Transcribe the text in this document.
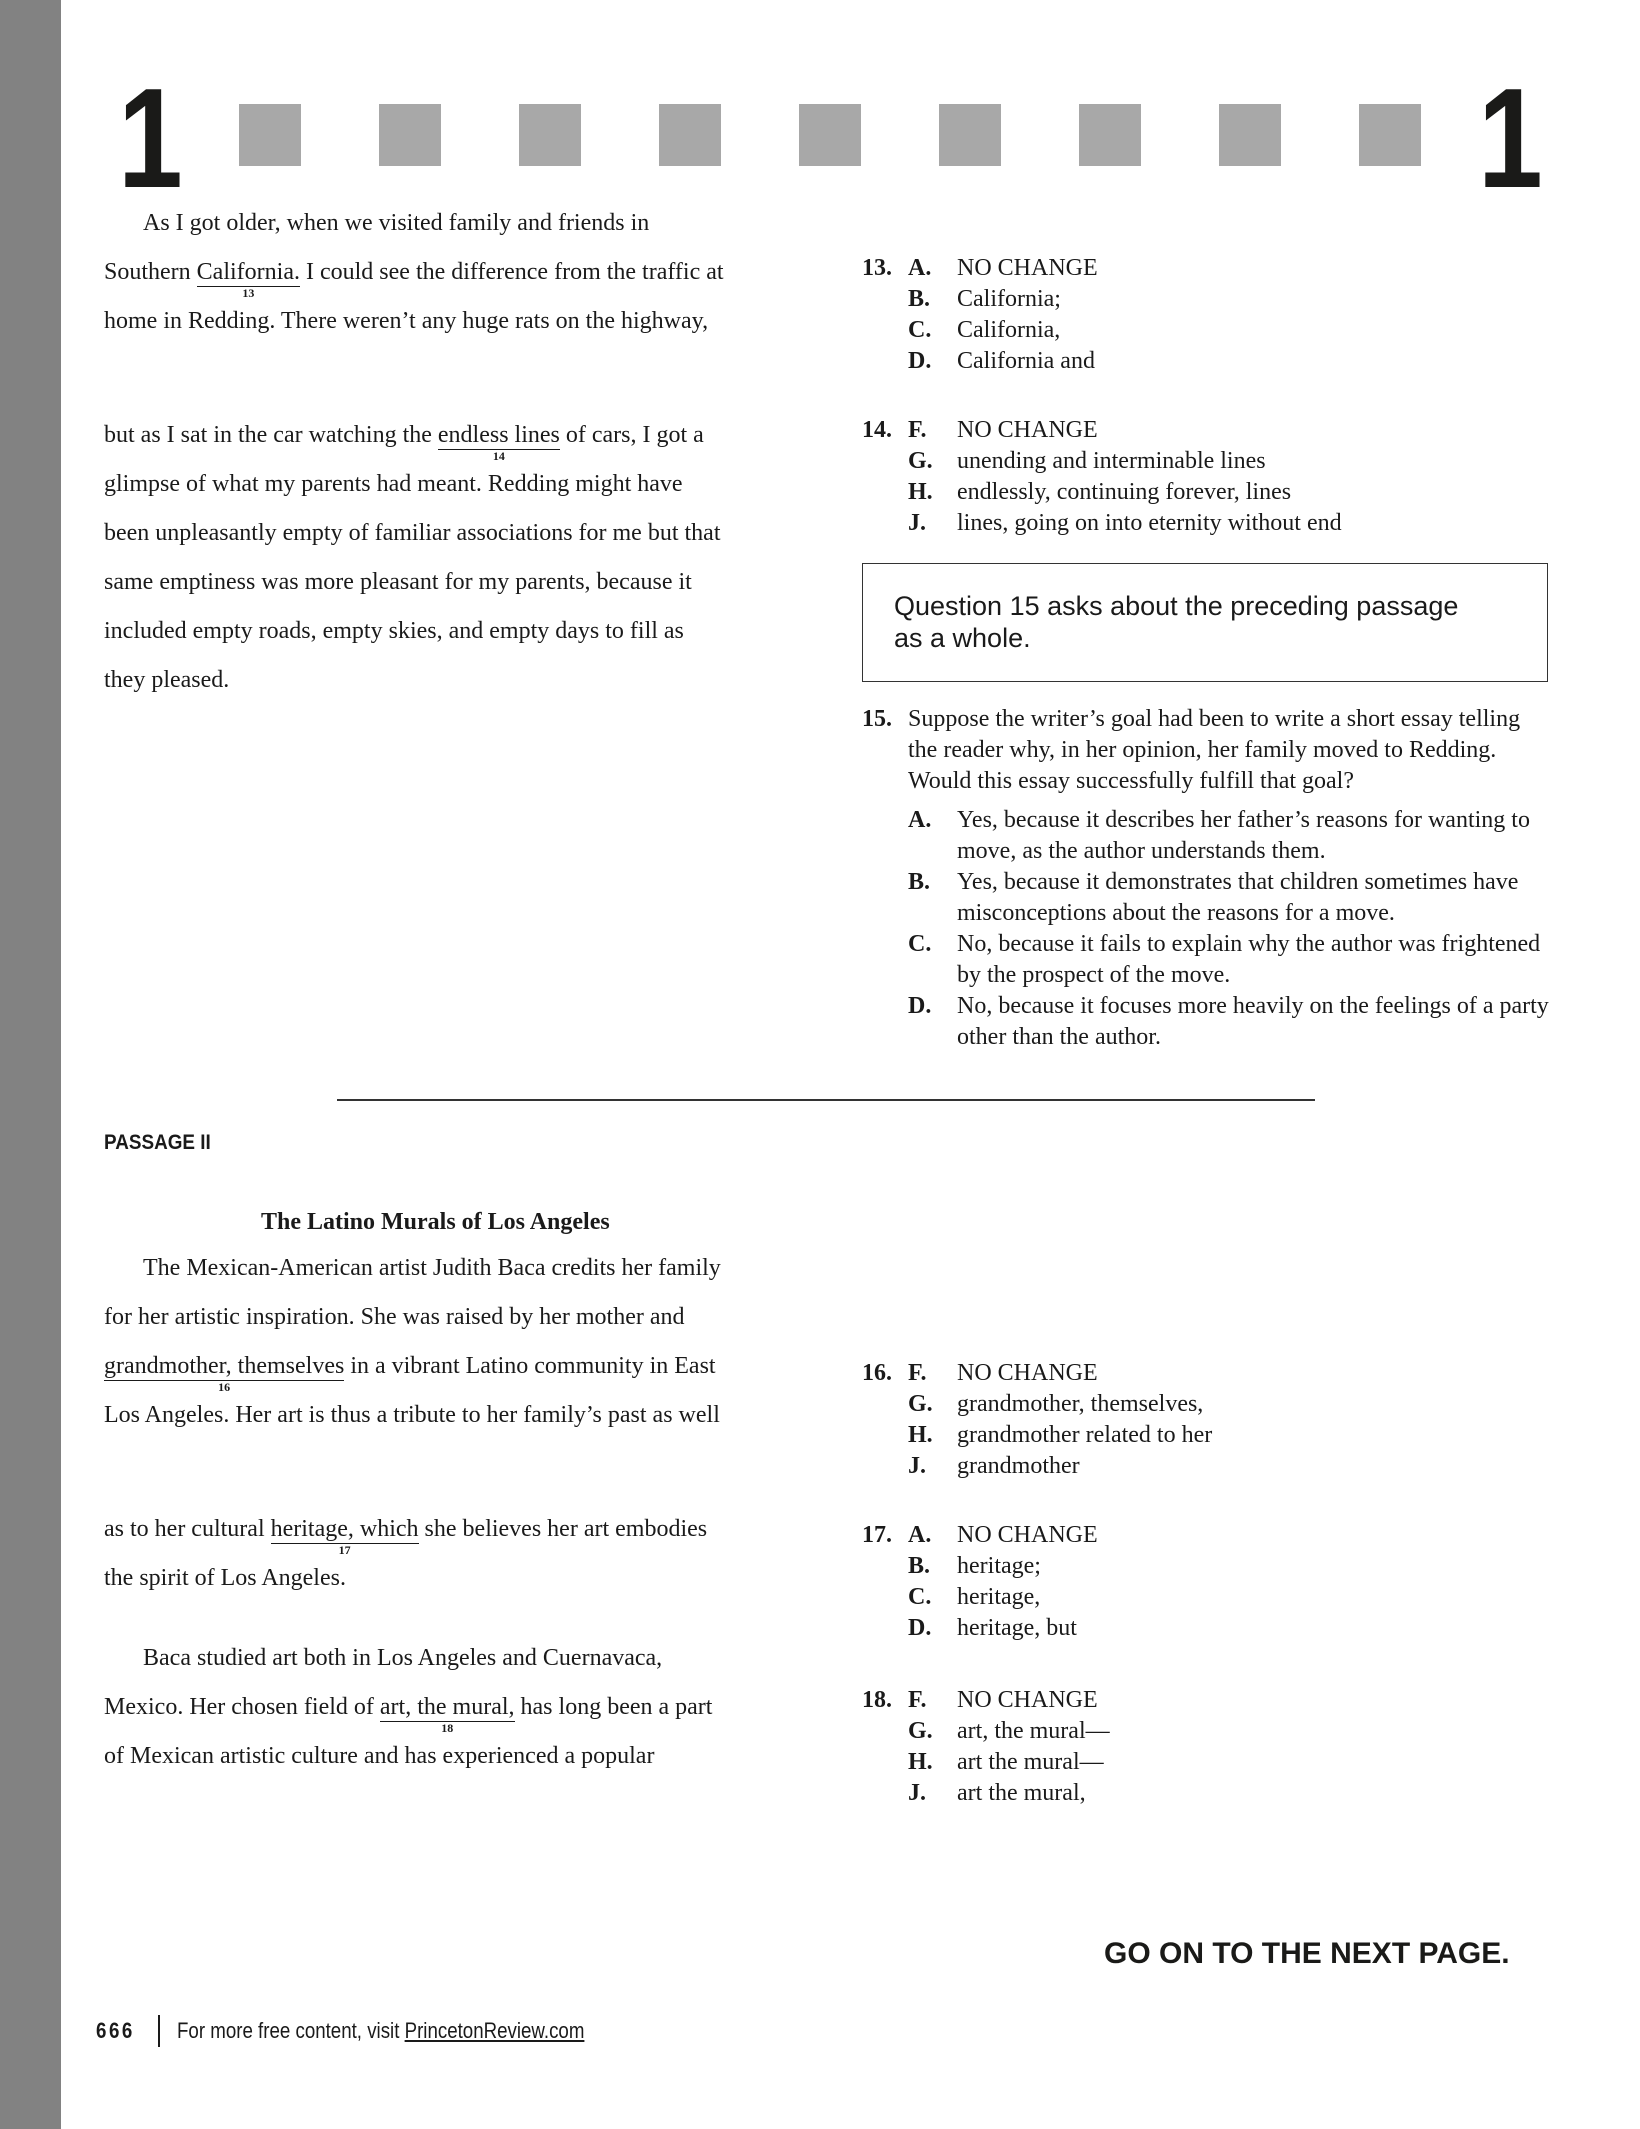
1	1
As I got older, when we visited family and friends in
Southern California.
13
I could see the difference from the traffic at
home in Redding. There weren’t any huge rats on the highway,
but as I sat in the car watching the endless lines
14
of cars, I got a
glimpse of what my parents had meant. Redding might have
been unpleasantly empty of familiar associations for me but that
same emptiness was more pleasant for my parents, because it
included empty roads, empty skies, and empty days to fill as
they pleased.
13. A. NO CHANGE
B. California;
C. California,
D. California and
14. F. NO CHANGE
G. unending and interminable lines
H. endlessly, continuing forever, lines
J. lines, going on into eternity without end
Question 15 asks about the preceding passage
as a whole.
15. Suppose the writer’s goal had been to write a short essay telling the reader why, in her opinion, her family moved to Redding. Would this essay successfully fulfill that goal?
A. Yes, because it describes her father’s reasons for wanting to move, as the author understands them.
B. Yes, because it demonstrates that children sometimes have misconceptions about the reasons for a move.
C. No, because it fails to explain why the author was frightened by the prospect of the move.
D. No, because it focuses more heavily on the feelings of a party other than the author.
PASSAGE II
The Latino Murals of Los Angeles
The Mexican-American artist Judith Baca credits her family
for her artistic inspiration. She was raised by her mother and
grandmother, themselves
16
in a vibrant Latino community in East
Los Angeles. Her art is thus a tribute to her family’s past as well
as to her cultural heritage, which
17
she believes her art embodies
the spirit of Los Angeles.
Baca studied art both in Los Angeles and Cuernavaca,
Mexico. Her chosen field of art, the mural,
18
has long been a part
of Mexican artistic culture and has experienced a popular
16. F. NO CHANGE
G. grandmother, themselves,
H. grandmother related to her
J. grandmother
17. A. NO CHANGE
B. heritage;
C. heritage,
D. heritage, but
18. F. NO CHANGE
G. art, the mural—
H. art the mural—
J. art the mural,
GO ON TO THE NEXT PAGE.
666 For more free content, visit PrincetonReview.com
